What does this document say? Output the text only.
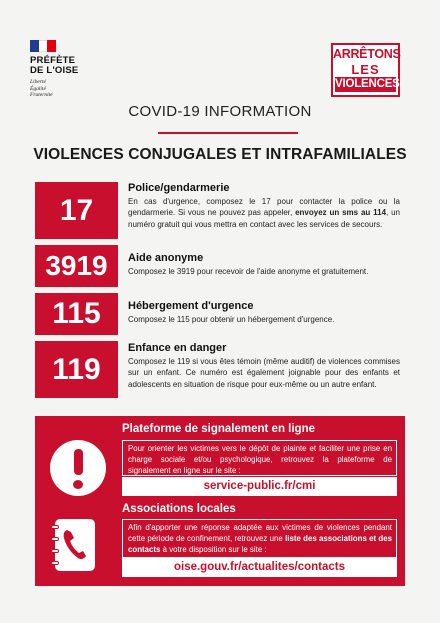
PRÉFÈTE
DE L'OISE
Liberté
Égalité
Fraternité
ARRÊTONS
LES
VIOLENCES
COVID-19 INFORMATION
VIOLENCES CONJUGALES ET INTRAFAMILIALES
17
Police/gendarmerie

En cas d'urgence, composez le 17 pour contacter la police ou la gendarmerie. Si vous ne pouvez pas appeler, envoyez un sms au 114, un numéro gratuit qui vous mettra en contact avec les services de secours.

3919	Aide anonyme

Composez le 3919 pour recevoir de l'aide anonyme et gratuitement.

115	Hébergement d'urgence

Composez le 115 pour obtenir un hébergement d'urgence.

119
Enfance en danger

Composez le 119 si vous êtes témoin (même auditif) de violences commises sur un enfant. Ce numéro est également joignable pour des enfants et adolescents en situation de risque pour eux-même ou un autre enfant.

Plateforme de signalement en ligne

Pour orienter les victimes vers le dépôt de plainte et faciliter une prise en charge sociale et/ou psychologique, retrouvez la plateforme de signalement en ligne sur le site :

service-public.fr/cmi
Associations locales

Afin d'apporter une réponse adaptée aux victimes de violences pendant cette période de confinement, retrouvez une liste des associations et des contacts à votre disposition sur le site :

oise.gouv.fr/actualites/contacts
